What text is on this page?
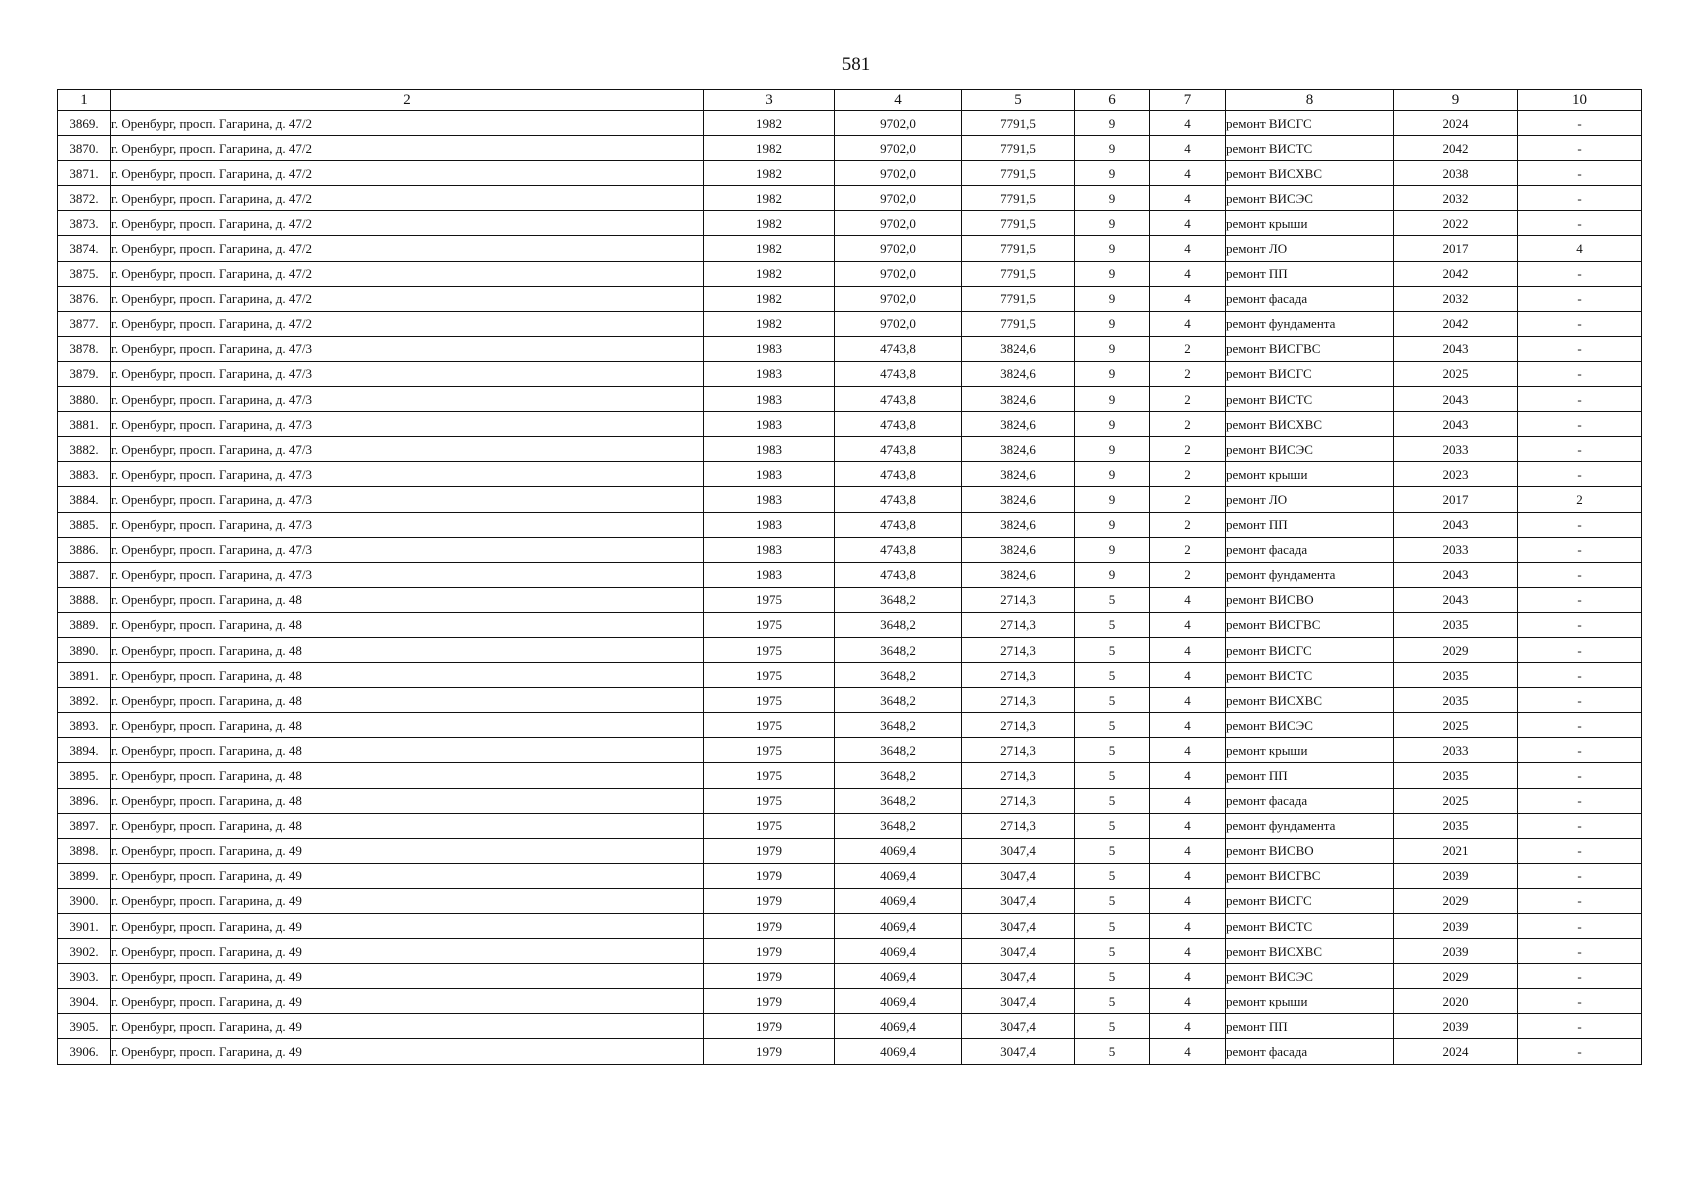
581
1	2	3	4	5	6	7	8	9	10
3869.	г. Оренбург, просп. Гагарина, д. 47/2	1982	9702,0	7791,5	9	4	ремонт ВИСГС	2024	-
3870.	г. Оренбург, просп. Гагарина, д. 47/2	1982	9702,0	7791,5	9	4	ремонт ВИСТС	2042	-
3871.	г. Оренбург, просп. Гагарина, д. 47/2	1982	9702,0	7791,5	9	4	ремонт ВИСХВС	2038	-
3872.	г. Оренбург, просп. Гагарина, д. 47/2	1982	9702,0	7791,5	9	4	ремонт ВИСЭС	2032	-
3873.	г. Оренбург, просп. Гагарина, д. 47/2	1982	9702,0	7791,5	9	4	ремонт крыши	2022	-
3874.	г. Оренбург, просп. Гагарина, д. 47/2	1982	9702,0	7791,5	9	4	ремонт ЛО	2017	4
3875.	г. Оренбург, просп. Гагарина, д. 47/2	1982	9702,0	7791,5	9	4	ремонт ПП	2042	-
3876.	г. Оренбург, просп. Гагарина, д. 47/2	1982	9702,0	7791,5	9	4	ремонт фасада	2032	-
3877.	г. Оренбург, просп. Гагарина, д. 47/2	1982	9702,0	7791,5	9	4	ремонт фундамента	2042	-
3878.	г. Оренбург, просп. Гагарина, д. 47/3	1983	4743,8	3824,6	9	2	ремонт ВИСГВС	2043	-
3879.	г. Оренбург, просп. Гагарина, д. 47/3	1983	4743,8	3824,6	9	2	ремонт ВИСГС	2025	-
3880.	г. Оренбург, просп. Гагарина, д. 47/3	1983	4743,8	3824,6	9	2	ремонт ВИСТС	2043	-
3881.	г. Оренбург, просп. Гагарина, д. 47/3	1983	4743,8	3824,6	9	2	ремонт ВИСХВС	2043	-
3882.	г. Оренбург, просп. Гагарина, д. 47/3	1983	4743,8	3824,6	9	2	ремонт ВИСЭС	2033	-
3883.	г. Оренбург, просп. Гагарина, д. 47/3	1983	4743,8	3824,6	9	2	ремонт крыши	2023	-
3884.	г. Оренбург, просп. Гагарина, д. 47/3	1983	4743,8	3824,6	9	2	ремонт ЛО	2017	2
3885.	г. Оренбург, просп. Гагарина, д. 47/3	1983	4743,8	3824,6	9	2	ремонт ПП	2043	-
3886.	г. Оренбург, просп. Гагарина, д. 47/3	1983	4743,8	3824,6	9	2	ремонт фасада	2033	-
3887.	г. Оренбург, просп. Гагарина, д. 47/3	1983	4743,8	3824,6	9	2	ремонт фундамента	2043	-
3888.	г. Оренбург, просп. Гагарина, д. 48	1975	3648,2	2714,3	5	4	ремонт ВИСВО	2043	-
3889.	г. Оренбург, просп. Гагарина, д. 48	1975	3648,2	2714,3	5	4	ремонт ВИСГВС	2035	-
3890.	г. Оренбург, просп. Гагарина, д. 48	1975	3648,2	2714,3	5	4	ремонт ВИСГС	2029	-
3891.	г. Оренбург, просп. Гагарина, д. 48	1975	3648,2	2714,3	5	4	ремонт ВИСТС	2035	-
3892.	г. Оренбург, просп. Гагарина, д. 48	1975	3648,2	2714,3	5	4	ремонт ВИСХВС	2035	-
3893.	г. Оренбург, просп. Гагарина, д. 48	1975	3648,2	2714,3	5	4	ремонт ВИСЭС	2025	-
3894.	г. Оренбург, просп. Гагарина, д. 48	1975	3648,2	2714,3	5	4	ремонт крыши	2033	-
3895.	г. Оренбург, просп. Гагарина, д. 48	1975	3648,2	2714,3	5	4	ремонт ПП	2035	-
3896.	г. Оренбург, просп. Гагарина, д. 48	1975	3648,2	2714,3	5	4	ремонт фасада	2025	-
3897.	г. Оренбург, просп. Гагарина, д. 48	1975	3648,2	2714,3	5	4	ремонт фундамента	2035	-
3898.	г. Оренбург, просп. Гагарина, д. 49	1979	4069,4	3047,4	5	4	ремонт ВИСВО	2021	-
3899.	г. Оренбург, просп. Гагарина, д. 49	1979	4069,4	3047,4	5	4	ремонт ВИСГВС	2039	-
3900.	г. Оренбург, просп. Гагарина, д. 49	1979	4069,4	3047,4	5	4	ремонт ВИСГС	2029	-
3901.	г. Оренбург, просп. Гагарина, д. 49	1979	4069,4	3047,4	5	4	ремонт ВИСТС	2039	-
3902.	г. Оренбург, просп. Гагарина, д. 49	1979	4069,4	3047,4	5	4	ремонт ВИСХВС	2039	-
3903.	г. Оренбург, просп. Гагарина, д. 49	1979	4069,4	3047,4	5	4	ремонт ВИСЭС	2029	-
3904.	г. Оренбург, просп. Гагарина, д. 49	1979	4069,4	3047,4	5	4	ремонт крыши	2020	-
3905.	г. Оренбург, просп. Гагарина, д. 49	1979	4069,4	3047,4	5	4	ремонт ПП	2039	-
3906.	г. Оренбург, просп. Гагарина, д. 49	1979	4069,4	3047,4	5	4	ремонт фасада	2024	-
